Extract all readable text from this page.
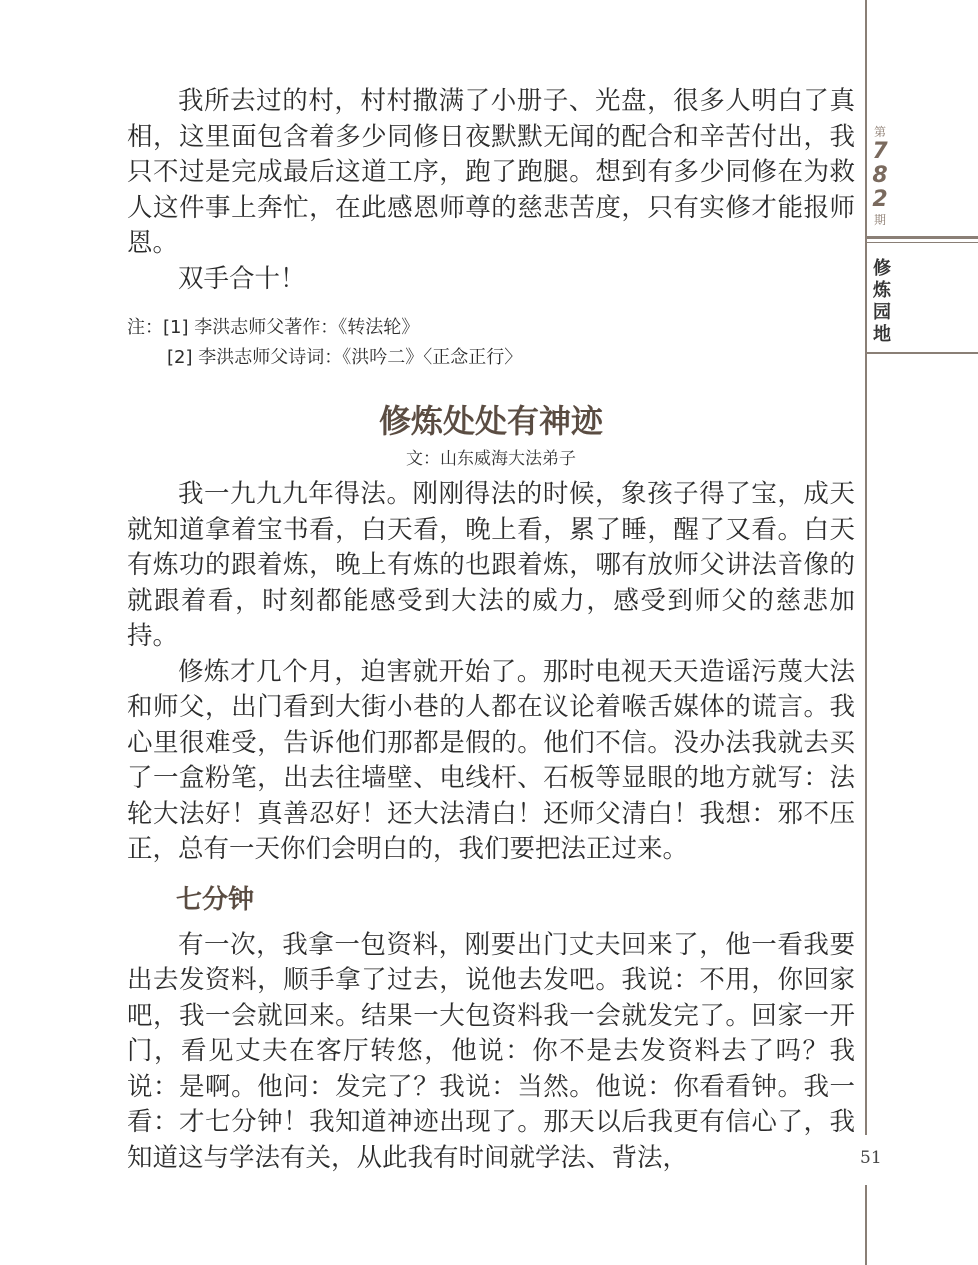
我所去过的村，村村撒满了小册子、光盘，很多人明白了真相，这里面包含着多少同修日夜默默无闻的配合和辛苦付出，我只不过是完成最后这道工序，跑了跑腿。想到有多少同修在为救人这件事上奔忙，在此感恩师尊的慈悲苦度，只有实修才能报师恩。

双手合十！

注：[1] 李洪志师父著作：《转法轮》
[2] 李洪志师父诗词：《洪吟二》〈正念正行〉
修炼处处有神迹
文：山东威海大法弟子

我一九九九年得法。刚刚得法的时候，象孩子得了宝，成天就知道拿着宝书看，白天看，晚上看，累了睡，醒了又看。白天有炼功的跟着炼，晚上有炼的也跟着炼，哪有放师父讲法音像的就跟着看，时刻都能感受到大法的威力，感受到师父的慈悲加持。

修炼才几个月，迫害就开始了。那时电视天天造谣污蔑大法和师父，出门看到大街小巷的人都在议论着喉舌媒体的谎言。我心里很难受，告诉他们那都是假的。他们不信。没办法我就去买了一盒粉笔，出去往墙壁、电线杆、石板等显眼的地方就写：法轮大法好！真善忍好！还大法清白！还师父清白！我想：邪不压正，总有一天你们会明白的，我们要把法正过来。

七分钟

有一次，我拿一包资料，刚要出门丈夫回来了，他一看我要出去发资料，顺手拿了过去，说他去发吧。我说：不用，你回家吧，我一会就回来。结果一大包资料我一会就发完了。回家一开门，看见丈夫在客厅转悠，他说：你不是去发资料去了吗？我说：是啊。他问：发完了？我说：当然。他说：你看看钟。我一看：才七分钟！我知道神迹出现了。那天以后我更有信心了，我知道这与学法有关，从此我有时间就学法、背法，

第
7
8
2
期
修
炼
园
地
51
